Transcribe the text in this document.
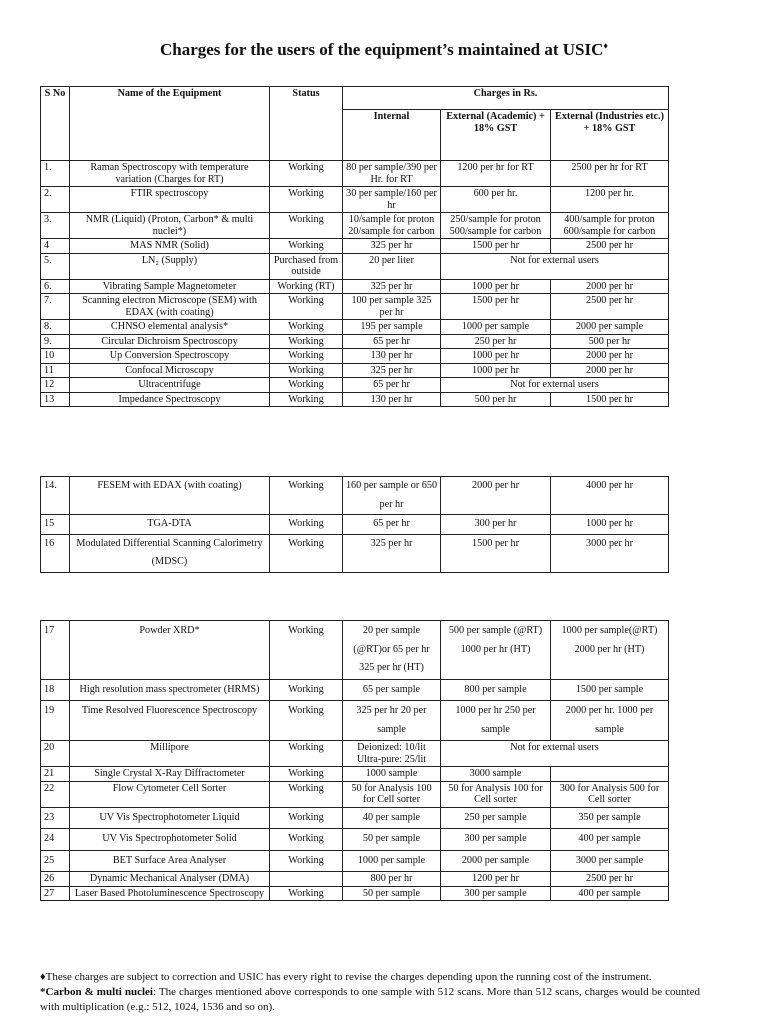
Charges for the users of the equipment’s maintained at USIC♦
S No	Name of the Equipment	Status	Charges in Rs.		
			Internal	External (Academic) + 18% GST	External (Industries etc.) + 18% GST
1.	Raman Spectroscopy with temperature variation (Charges for RT)	Working	80 per sample/390 per Hr. for RT	1200 per hr for RT	2500 per hr for RT
2.	FTIR spectroscopy	Working	30 per sample/160 per hr	600 per hr.	1200 per hr.
3.	NMR (Liquid) (Proton, Carbon* & multi nuclei*)	Working	10/sample for proton 20/sample for carbon	250/sample for proton 500/sample for carbon	400/sample for proton 600/sample for carbon
4	MAS NMR (Solid)	Working	325 per hr	1500 per hr	2500 per hr
5.	LN₂ (Supply)	Purchased from outside	20 per liter	Not for external users	
6.	Vibrating Sample Magnetometer	Working (RT)	325 per hr	1000 per hr	2000 per hr
7.	Scanning electron Microscope (SEM) with EDAX (with coating)	Working	100 per sample 325 per hr	1500 per hr	2500 per hr
8.	CHNSO elemental analysis*	Working	195 per sample	1000 per sample	2000 per sample
9.	Circular Dichroism Spectroscopy	Working	65 per hr	250 per hr	500 per hr
10	Up Conversion Spectroscopy	Working	130 per hr	1000 per hr	2000 per hr
11	Confocal Microscopy	Working	325 per hr	1000 per hr	2000 per hr
12	Ultracentrifuge	Working	65 per hr	Not for external users	
13	Impedance Spectroscopy	Working	130 per hr	500 per hr	1500 per hr
14.	FESEM with EDAX (with coating)	Working	160 per sample or 650 per hr	2000 per hr	4000 per hr
15	TGA-DTA	Working	65 per hr	300 per hr	1000 per hr
16	Modulated Differential Scanning Calorimetry (MDSC)	Working	325 per hr	1500 per hr	3000 per hr
17	Powder XRD*	Working	20 per sample (@RT)or 65 per hr 325 per hr (HT)	500 per sample (@RT) 1000 per hr (HT)	1000 per sample(@RT) 2000 per hr (HT)
18	High resolution mass spectrometer (HRMS)	Working	65 per sample	800 per sample	1500 per sample
19	Time Resolved Fluorescence Spectroscopy	Working	325 per hr 20 per sample	1000 per hr 250 per sample	2000 per hr. 1000 per sample
20	Millipore	Working	Deionized: 10/lit Ultra-pure: 25/lit	Not for external users	
21	Single Crystal X-Ray Diffractometer	Working	1000 sample	3000 sample	
22	Flow Cytometer Cell Sorter	Working	50 for Analysis 100 for Cell sorter	50 for Analysis 100 for Cell sorter	300 for Analysis 500 for Cell sorter
23	UV Vis Spectrophotometer Liquid	Working	40 per sample	250 per sample	350 per sample
24	UV Vis Spectrophotometer Solid	Working	50 per sample	300 per sample	400 per sample
25	BET Surface Area Analyser	Working	1000 per sample	2000 per sample	3000 per sample
26	Dynamic Mechanical Analyser (DMA)		800 per hr	1200 per hr	2500 per hr
27	Laser Based Photoluminescence Spectroscopy	Working	50 per sample	300 per sample	400 per sample
♦These charges are subject to correction and USIC has every right to revise the charges depending upon the running cost of the instrument.
*Carbon & multi nuclei: The charges mentioned above corresponds to one sample with 512 scans. More than 512 scans, charges would be counted with multiplication (e.g.: 512, 1024, 1536 and so on).
